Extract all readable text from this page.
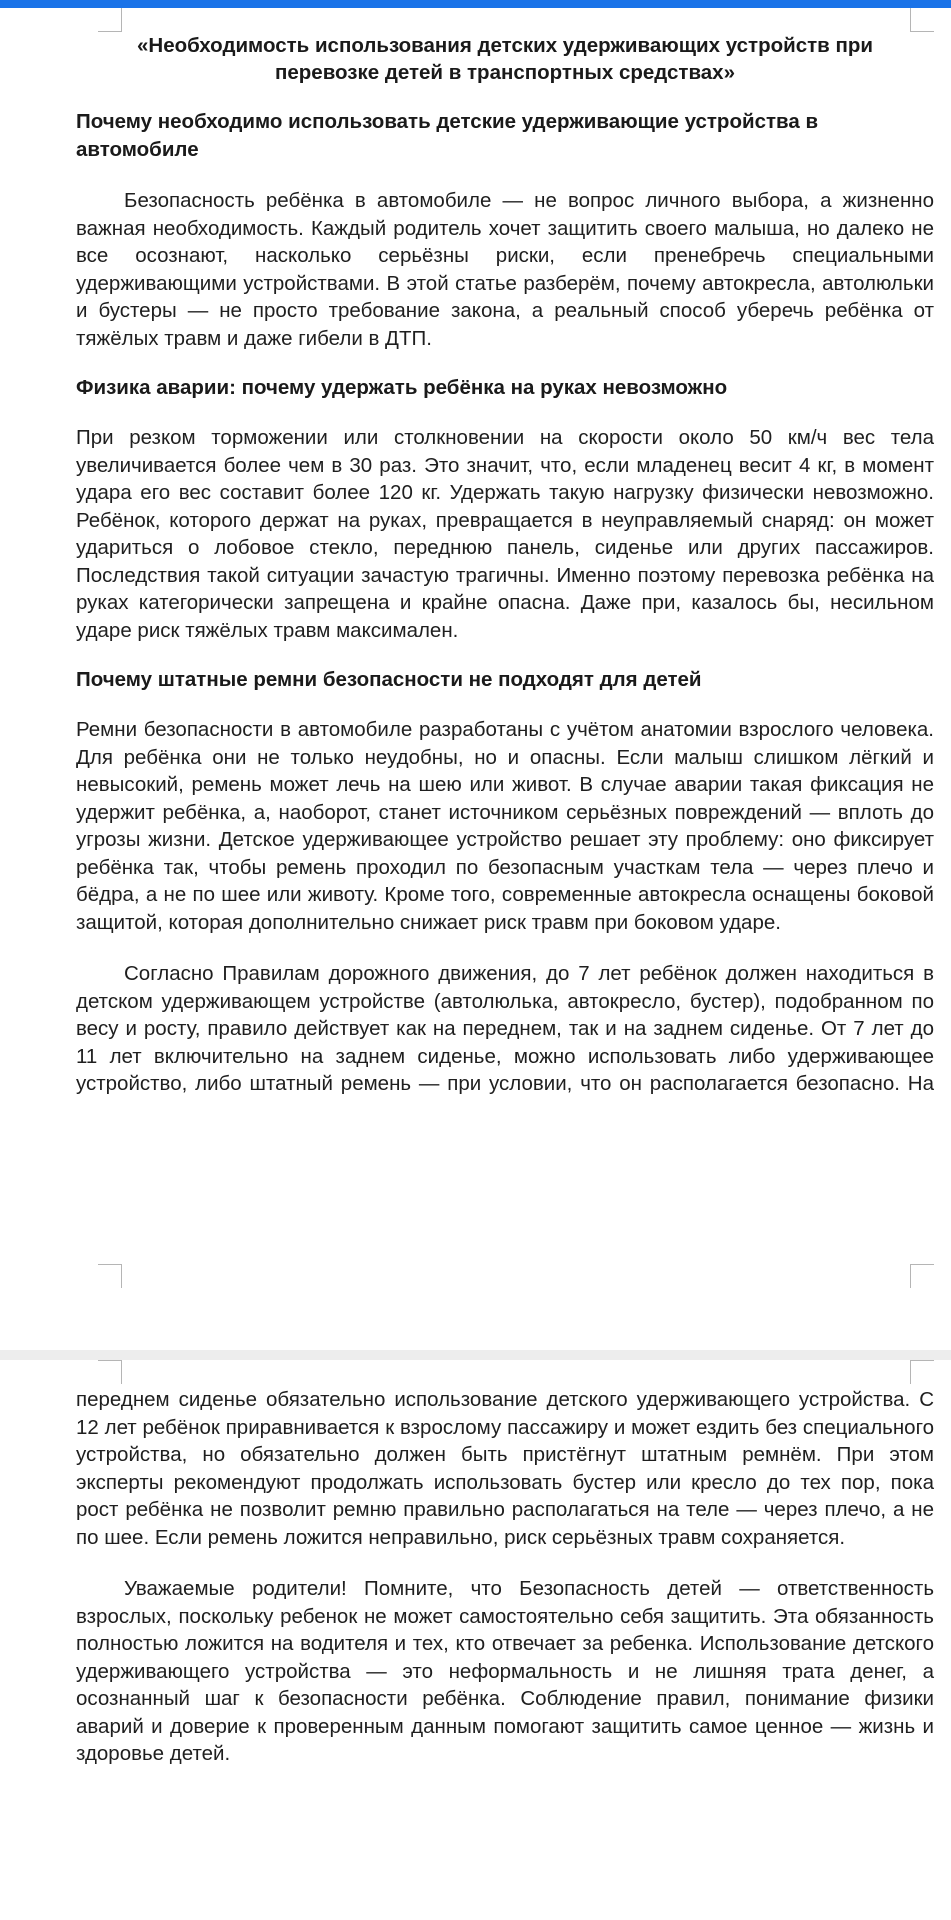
«Необходимость использования детских удерживающих устройств при
перевозке детей в транспортных средствах»
Почему необходимо использовать детские удерживающие устройства в автомобиле

Безопасность ребёнка в автомобиле — не вопрос личного выбора, а жизненно важная необходимость. Каждый родитель хочет защитить своего малыша, но далеко не все осознают, насколько серьёзны риски, если пренебречь специальными удерживающими устройствами. В этой статье разберём, почему автокресла, автолюльки и бустеры — не просто требование закона, а реальный способ уберечь ребёнка от тяжёлых травм и даже гибели в ДТП.

Физика аварии: почему удержать ребёнка на руках невозможно

При резком торможении или столкновении на скорости около 50 км/ч вес тела увеличивается более чем в 30 раз. Это значит, что, если младенец весит 4 кг, в момент удара его вес составит более 120 кг. Удержать такую нагрузку физически невозможно. Ребёнок, которого держат на руках, превращается в неуправляемый снаряд: он может удариться о лобовое стекло, переднюю панель, сиденье или других пассажиров. Последствия такой ситуации зачастую трагичны. Именно поэтому перевозка ребёнка на руках категорически запрещена и крайне опасна. Даже при, казалось бы, несильном ударе риск тяжёлых травм максимален.

Почему штатные ремни безопасности не подходят для детей

Ремни безопасности в автомобиле разработаны с учётом анатомии взрослого человека. Для ребёнка они не только неудобны, но и опасны. Если малыш слишком лёгкий и невысокий, ремень может лечь на шею или живот. В случае аварии такая фиксация не удержит ребёнка, а, наоборот, станет источником серьёзных повреждений — вплоть до угрозы жизни. Детское удерживающее устройство решает эту проблему: оно фиксирует ребёнка так, чтобы ремень проходил по безопасным участкам тела — через плечо и бёдра, а не по шее или животу. Кроме того, современные автокресла оснащены боковой защитой, которая дополнительно снижает риск травм при боковом ударе.

Согласно Правилам дорожного движения, до 7 лет ребёнок должен находиться в детском удерживающем устройстве (автолюлька, автокресло, бустер), подобранном по весу и росту, правило действует как на переднем, так и на заднем сиденье. От 7 лет до 11 лет включительно на заднем сиденье, можно использовать либо удерживающее устройство, либо штатный ремень — при условии, что он располагается безопасно. На

переднем сиденье обязательно использование детского удерживающего устройства. С 12 лет ребёнок приравнивается к взрослому пассажиру и может ездить без специального устройства, но обязательно должен быть пристёгнут штатным ремнём. При этом эксперты рекомендуют продолжать использовать бустер или кресло до тех пор, пока рост ребёнка не позволит ремню правильно располагаться на теле — через плечо, а не по шее. Если ремень ложится неправильно, риск серьёзных травм сохраняется.

Уважаемые родители! Помните, что Безопасность детей — ответственность взрослых, поскольку ребенок не может самостоятельно себя защитить. Эта обязанность полностью ложится на водителя и тех, кто отвечает за ребенка. Использование детского удерживающего устройства — это неформальность и не лишняя трата денег, а осознанный шаг к безопасности ребёнка. Соблюдение правил, понимание физики аварий и доверие к проверенным данным помогают защитить самое ценное — жизнь и здоровье детей.
